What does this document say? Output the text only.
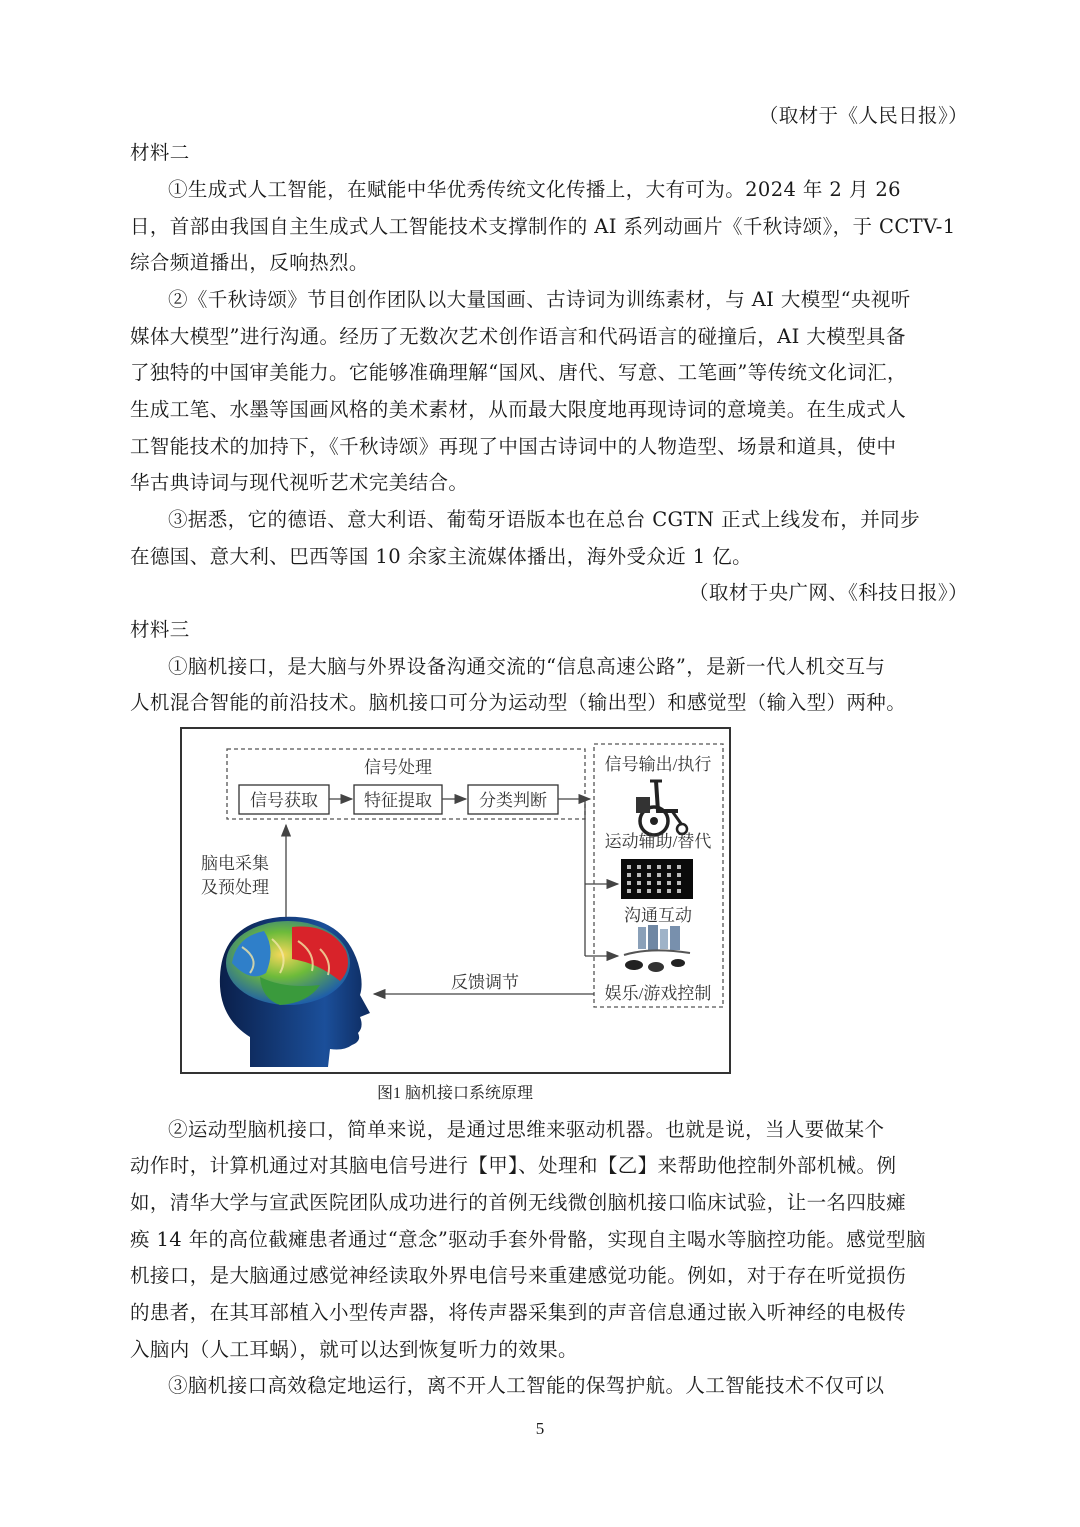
（取材于《人民日报》）
材料二
①生成式人工智能，在赋能中华优秀传统文化传播上，大有可为。2024 年 2 月 26
日，首部由我国自主生成式人工智能技术支撑制作的 AI 系列动画片《千秋诗颂》，于 CCTV-1
综合频道播出，反响热烈。
②《千秋诗颂》节目创作团队以大量国画、古诗词为训练素材，与 AI 大模型“央视听
媒体大模型”进行沟通。经历了无数次艺术创作语言和代码语言的碰撞后，AI 大模型具备
了独特的中国审美能力。它能够准确理解“国风、唐代、写意、工笔画”等传统文化词汇，
生成工笔、水墨等国画风格的美术素材，从而最大限度地再现诗词的意境美。在生成式人
工智能技术的加持下，《千秋诗颂》再现了中国古诗词中的人物造型、场景和道具，使中
华古典诗词与现代视听艺术完美结合。
③据悉，它的德语、意大利语、葡萄牙语版本也在总台 CGTN 正式上线发布，并同步
在德国、意大利、巴西等国 10 余家主流媒体播出，海外受众近 1 亿。
（取材于央广网、《科技日报》）
材料三
①脑机接口，是大脑与外界设备沟通交流的“信息高速公路”，是新一代人机交互与
人机混合智能的前沿技术。脑机接口可分为运动型（输出型）和感觉型（输入型）两种。
信号处理
信号获取	特征提取	分类判断
信号输出/执行
运动辅助/替代
沟通互动
娱乐/游戏控制
脑电采集
及预处理
反馈调节
图1 脑机接口系统原理
②运动型脑机接口，简单来说，是通过思维来驱动机器。也就是说，当人要做某个
动作时，计算机通过对其脑电信号进行【甲】、处理和【乙】来帮助他控制外部机械。例
如，清华大学与宣武医院团队成功进行的首例无线微创脑机接口临床试验，让一名四肢瘫
痪 14 年的高位截瘫患者通过“意念”驱动手套外骨骼，实现自主喝水等脑控功能。感觉型脑
机接口，是大脑通过感觉神经读取外界电信号来重建感觉功能。例如，对于存在听觉损伤
的患者，在其耳部植入小型传声器，将传声器采集到的声音信息通过嵌入听神经的电极传
入脑内（人工耳蜗），就可以达到恢复听力的效果。
③脑机接口高效稳定地运行，离不开人工智能的保驾护航。人工智能技术不仅可以
5
